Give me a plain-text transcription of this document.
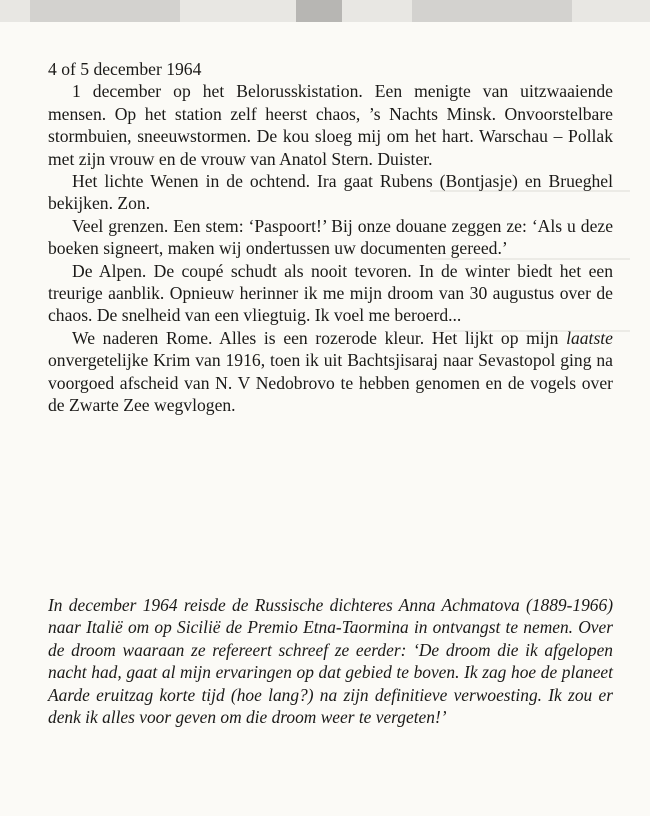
4 of 5 december 1964

1 december op het Belorusskistation. Een menigte van uitzwaaiende mensen. Op het station zelf heerst chaos, ’s Nachts Minsk. Onvoorstelbare stormbuien, sneeuwstormen. De kou sloeg mij om het hart. Warschau – Pollak met zijn vrouw en de vrouw van Anatol Stern. Duister.

Het lichte Wenen in de ochtend. Ira gaat Rubens (Bontjasje) en Brueghel bekijken. Zon.

Veel grenzen. Een stem: ‘Paspoort!’ Bij onze douane zeggen ze: ‘Als u deze boeken signeert, maken wij ondertussen uw documenten gereed.’

De Alpen. De coupé schudt als nooit tevoren. In de winter biedt het een treurige aanblik. Opnieuw herinner ik me mijn droom van 30 augustus over de chaos. De snelheid van een vliegtuig. Ik voel me beroerd...

We naderen Rome. Alles is een rozerode kleur. Het lijkt op mijn laatste onvergetelijke Krim van 1916, toen ik uit Bachtsjisaraj naar Sevastopol ging na voorgoed afscheid van N. V Nedobrovo te hebben genomen en de vogels over de Zwarte Zee wegvlogen.

In december 1964 reisde de Russische dichteres Anna Achmatova (1889-1966) naar Italië om op Sicilië de Premio Etna-Taormina in ontvangst te nemen. Over de droom waaraan ze refereert schreef ze eerder: ‘De droom die ik afgelopen nacht had, gaat al mijn ervaringen op dat gebied te boven. Ik zag hoe de planeet Aarde eruitzag korte tijd (hoe lang?) na zijn definitieve verwoesting. Ik zou er denk ik alles voor geven om die droom weer te vergeten!’
